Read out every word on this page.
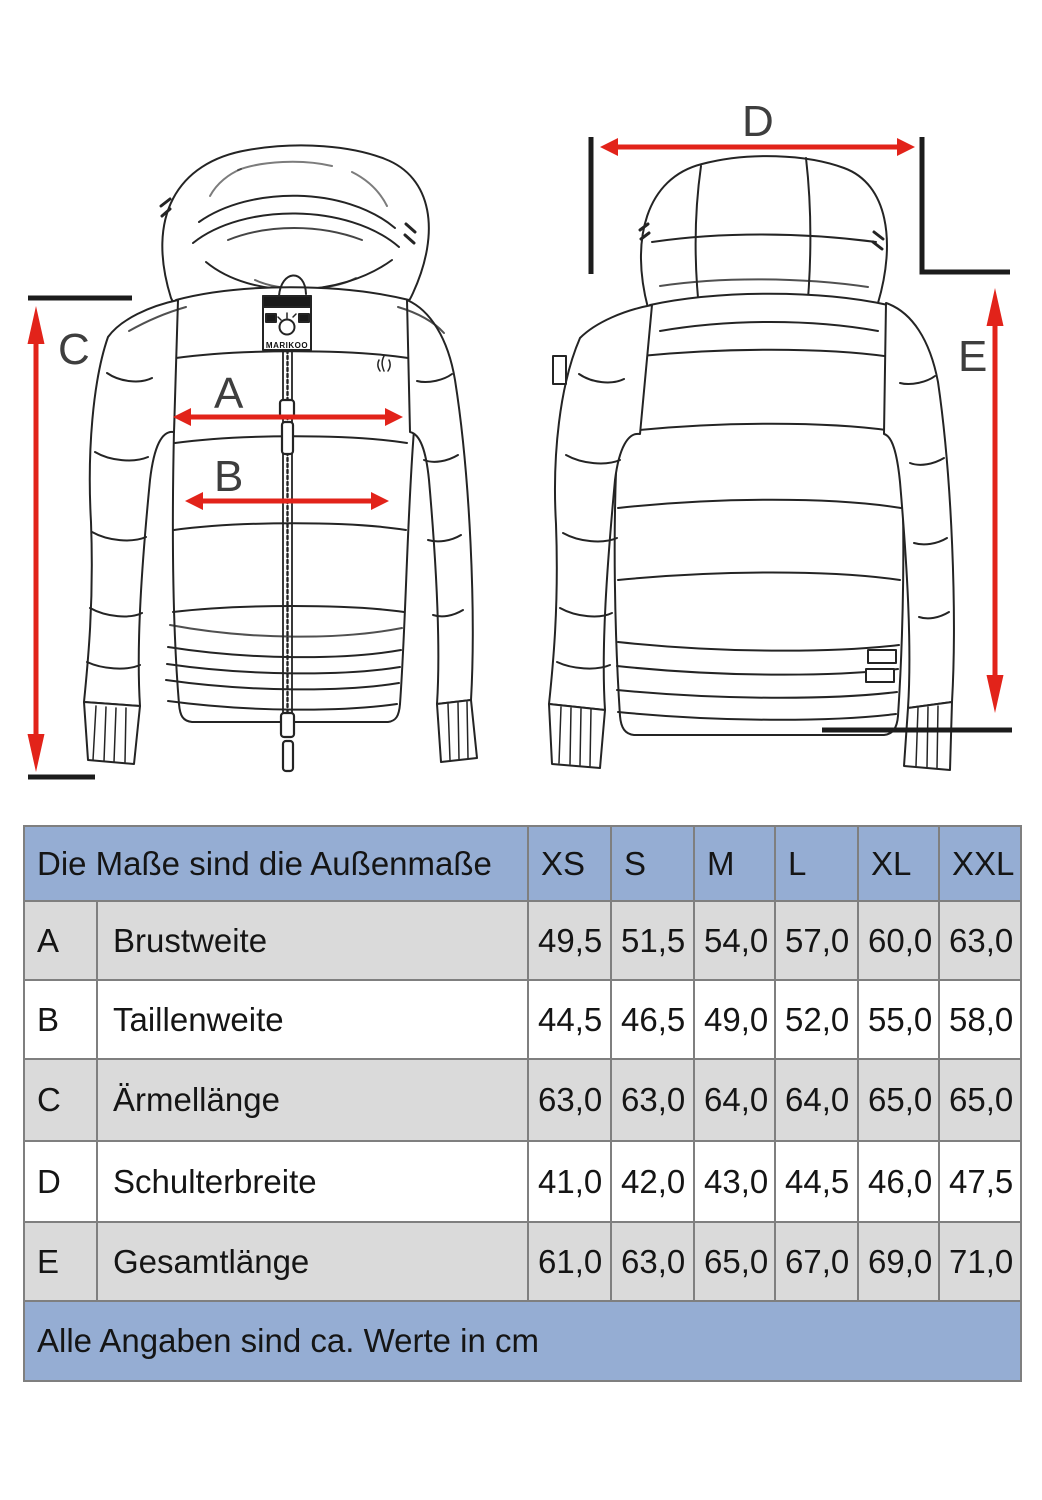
MARIKOO
C
A
B
D
E
Die Maße sind die Außenmaße	XS	S	M	L	XL	XXL
A	Brustweite	49,5 51,5 54,0 57,0 60,0 63,0
B	Taillenweite	44,5 46,5 49,0 52,0 55,0 58,0
C	Ärmellänge	63,0 63,0 64,0 64,0 65,0 65,0
D	Schulterbreite	41,0 42,0 43,0 44,5 46,0 47,5
E	Gesamtlänge	61,0 63,0 65,0 67,0 69,0 71,0
Alle Angaben sind ca. Werte in cm
